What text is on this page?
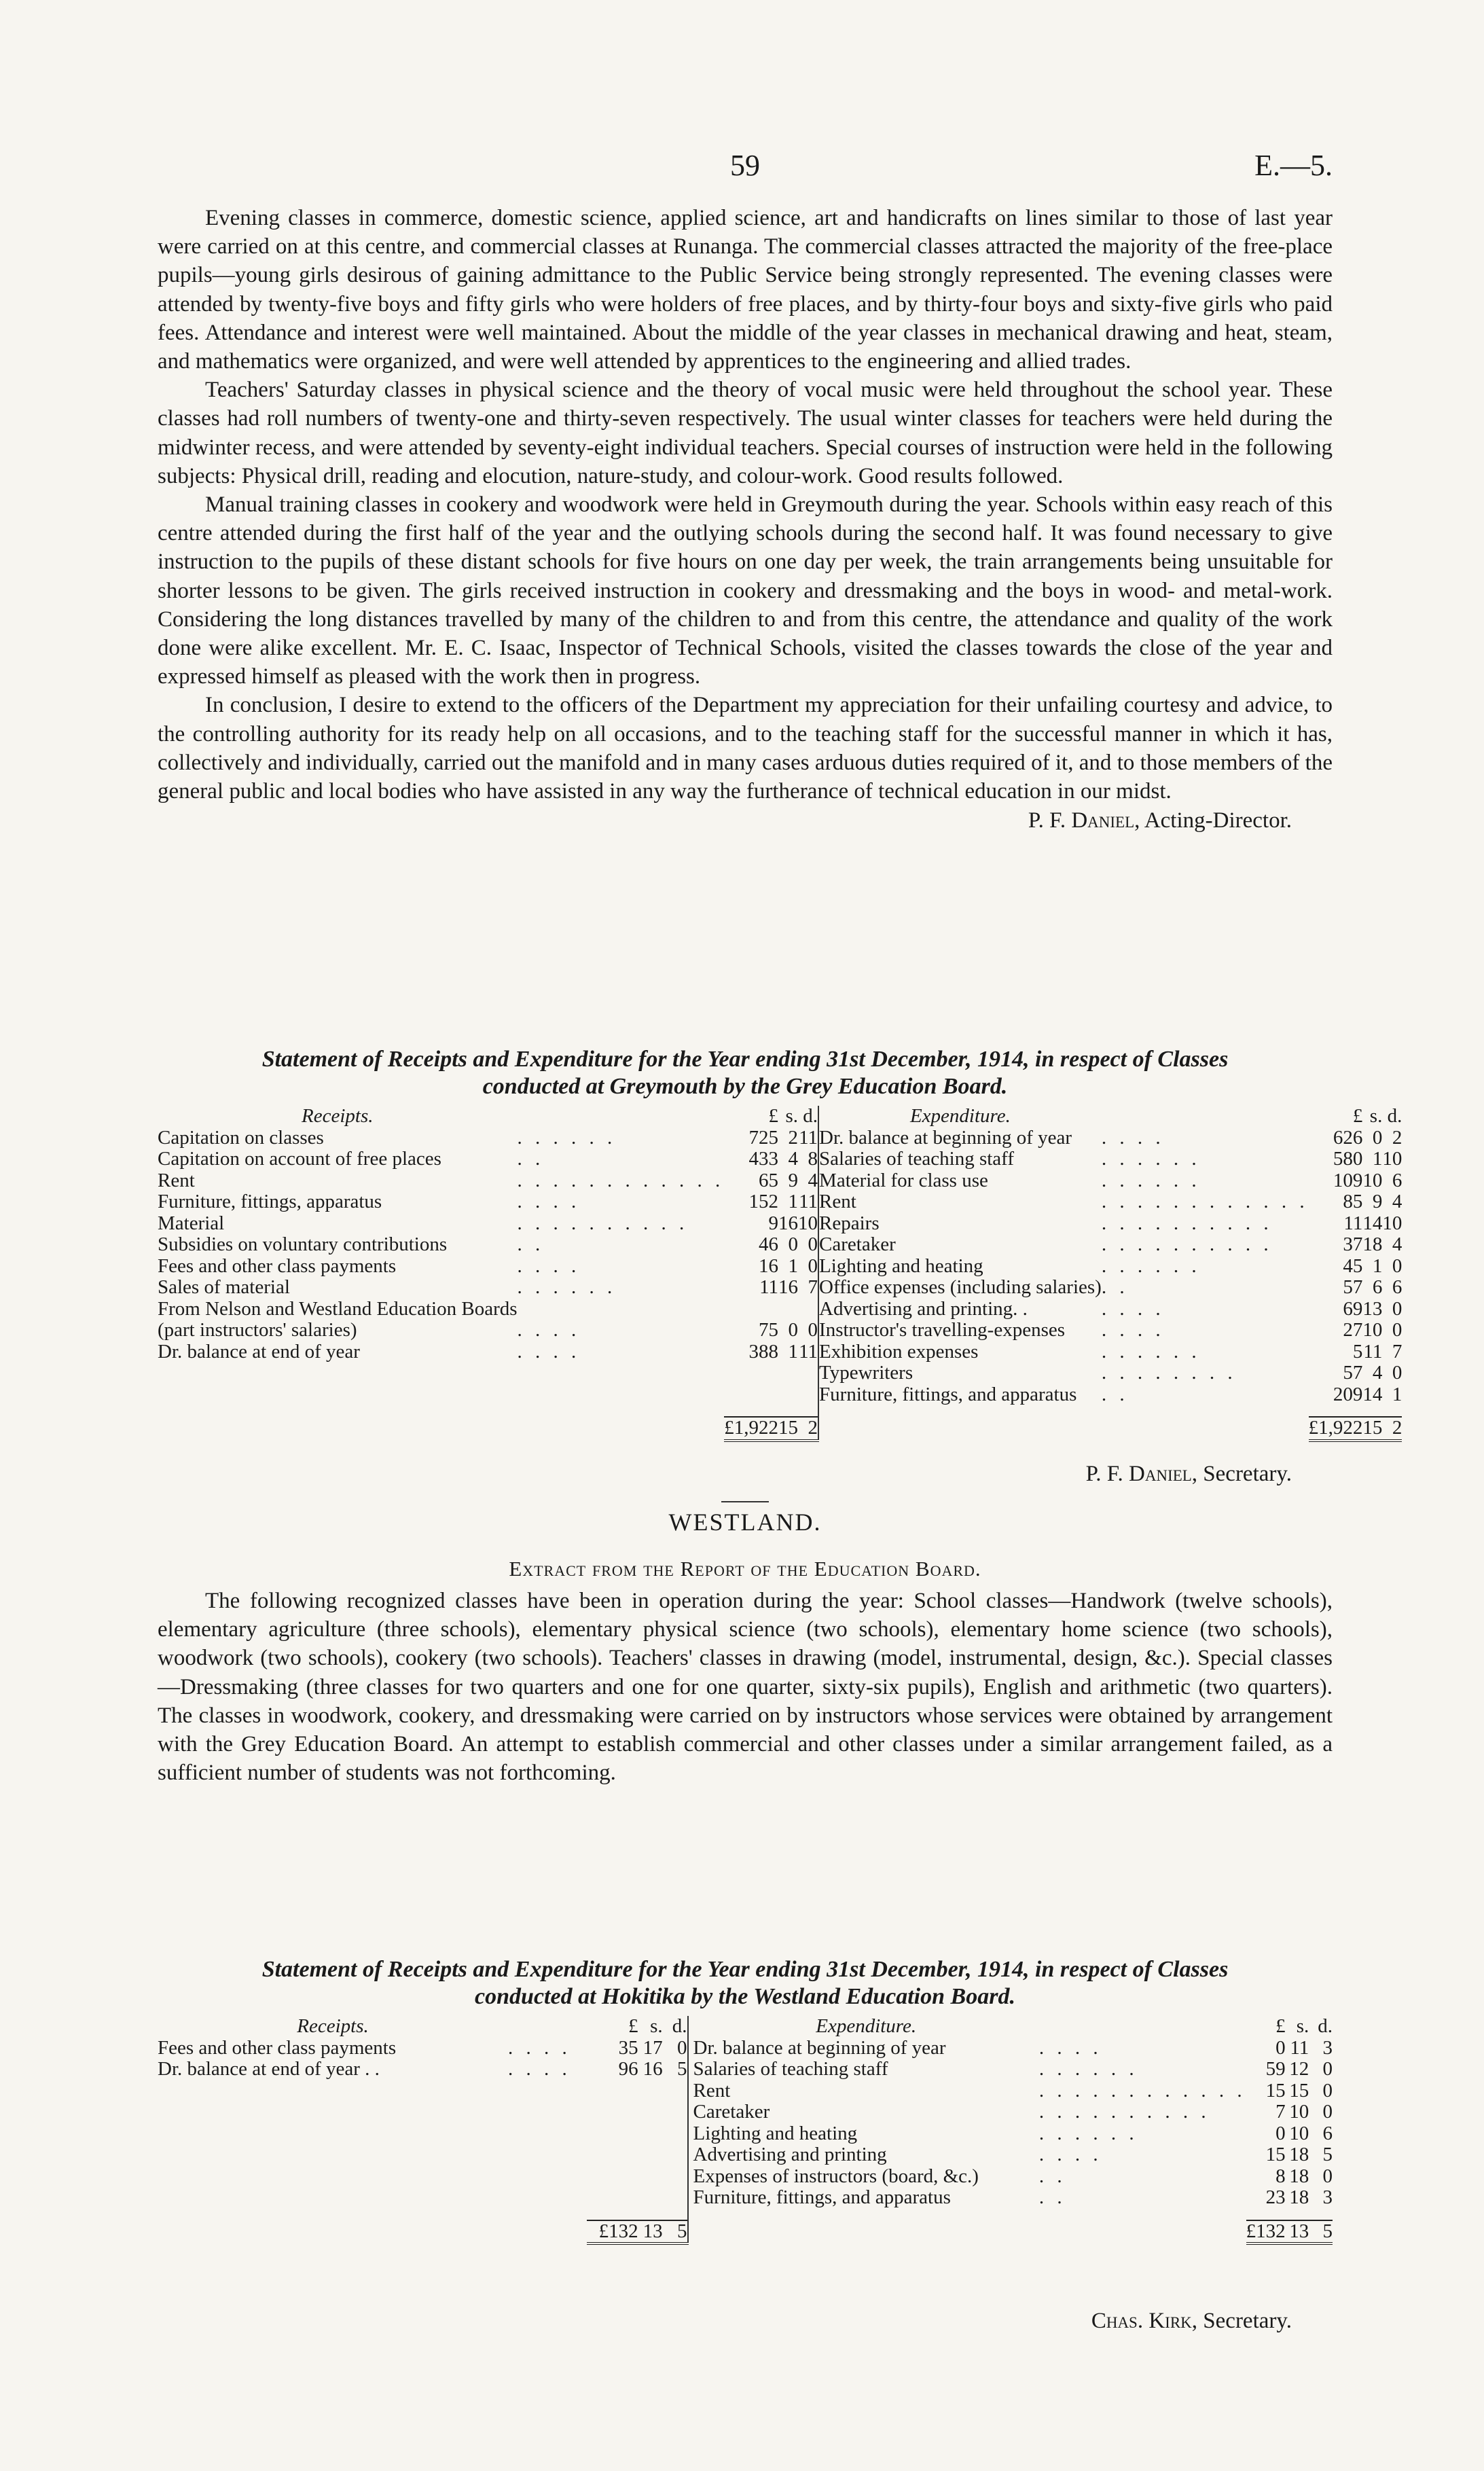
59	E.—5.

Evening classes in commerce, domestic science, applied science, art and handicrafts on lines similar to those of last year were carried on at this centre, and commercial classes at Runanga. The commercial classes attracted the majority of the free-place pupils—young girls desirous of gaining admittance to the Public Service being strongly represented. The evening classes were attended by twenty-five boys and fifty girls who were holders of free places, and by thirty-four boys and sixty-five girls who paid fees. Attendance and interest were well maintained. About the middle of the year classes in mechanical drawing and heat, steam, and mathematics were organized, and were well attended by apprentices to the engineering and allied trades.

Teachers' Saturday classes in physical science and the theory of vocal music were held throughout the school year. These classes had roll numbers of twenty-one and thirty-seven respectively. The usual winter classes for teachers were held during the midwinter recess, and were attended by seventy-eight individual teachers. Special courses of instruction were held in the following subjects: Physical drill, reading and elocution, nature-study, and colour-work. Good results followed.

Manual training classes in cookery and woodwork were held in Greymouth during the year. Schools within easy reach of this centre attended during the first half of the year and the outlying schools during the second half. It was found necessary to give instruction to the pupils of these distant schools for five hours on one day per week, the train arrangements being unsuitable for shorter lessons to be given. The girls received instruction in cookery and dressmaking and the boys in wood- and metal-work. Considering the long distances travelled by many of the children to and from this centre, the attendance and quality of the work done were alike excellent. Mr. E. C. Isaac, Inspector of Technical Schools, visited the classes towards the close of the year and expressed himself as pleased with the work then in progress.

In conclusion, I desire to extend to the officers of the Department my appreciation for their unfailing courtesy and advice, to the controlling authority for its ready help on all occasions, and to the teaching staff for the successful manner in which it has, collectively and individually, carried out the manifold and in many cases arduous duties required of it, and to those members of the general public and local bodies who have assisted in any way the furtherance of technical education in our midst.

P. F. Daniel, Acting-Director.

Statement of Receipts and Expenditure for the Year ending 31st December, 1914, in respect of Classes

conducted at Greymouth by the Grey Education Board.

Receipts.		£	s.	d.		Expenditure.		£	s.	d.
Capitation on classes	. . . . . .	725	2	11		Dr. balance at beginning of year	. . . .	626	0	2
Capitation on account of free places	. .	433	4	8		Salaries of teaching staff	. . . . . .	580	1	10
Rent	. . . . . . . . . . . .	65	9	4		Material for class use	. . . . . .	109	10	6
Furniture, fittings, apparatus	. . . .	152	1	11		Rent	. . . . . . . . . . . .	85	9	4
Material	. . . . . . . . . .	9	16	10		Repairs	. . . . . . . . . .	11	14	10
Subsidies on voluntary contributions	. .	46	0	0		Caretaker	. . . . . . . . . .	37	18	4
Fees and other class payments	. . . .	16	1	0		Lighting and heating	. . . . . .	45	1	0
Sales of material	. . . . . .	11	16	7		Office expenses (including salaries)	. .	57	6	6
From Nelson and Westland Education Boards						Advertising and printing. .	. . . .	69	13	0
(part instructors' salaries)	. . . .	75	0	0		Instructor's travelling-expenses	. . . .	27	10	0
Dr. balance at end of year	. . . .	388	1	11		Exhibition expenses	. . . . . .	5	11	7
						Typewriters	. . . . . . . .	57	4	0
						Furniture, fittings, and apparatus	. .	209	14	1

		£1,922	15	2				£1,922	15	2
P. F. Daniel, Secretary.
WESTLAND.
Extract from the Report of the Education Board.

The following recognized classes have been in operation during the year: School classes—Handwork (twelve schools), elementary agriculture (three schools), elementary physical science (two schools), elementary home science (two schools), woodwork (two schools), cookery (two schools). Teachers' classes in drawing (model, instrumental, design, &c.). Special classes—Dressmaking (three classes for two quarters and one for one quarter, sixty-six pupils), English and arithmetic (two quarters). The classes in woodwork, cookery, and dressmaking were carried on by instructors whose services were obtained by arrangement with the Grey Education Board. An attempt to establish commercial and other classes under a similar arrangement failed, as a sufficient number of students was not forthcoming.

Statement of Receipts and Expenditure for the Year ending 31st December, 1914, in respect of Classes

conducted at Hokitika by the Westland Education Board.

Receipts.		£	s.	d.		Expenditure.		£	s.	d.
Fees and other class payments	. . . .	35	17	0		Dr. balance at beginning of year	. . . .	0	11	3
Dr. balance at end of year . .	. . . .	96	16	5		Salaries of teaching staff	. . . . . .	59	12	0
						Rent	. . . . . . . . . . . .	15	15	0
						Caretaker	. . . . . . . . . .	7	10	0
						Lighting and heating	. . . . . .	0	10	6
						Advertising and printing	. . . .	15	18	5
						Expenses of instructors (board, &c.)	. .	8	18	0
						Furniture, fittings, and apparatus	. .	23	18	3

		£132	13	5				£132	13	5
Chas. Kirk, Secretary.
